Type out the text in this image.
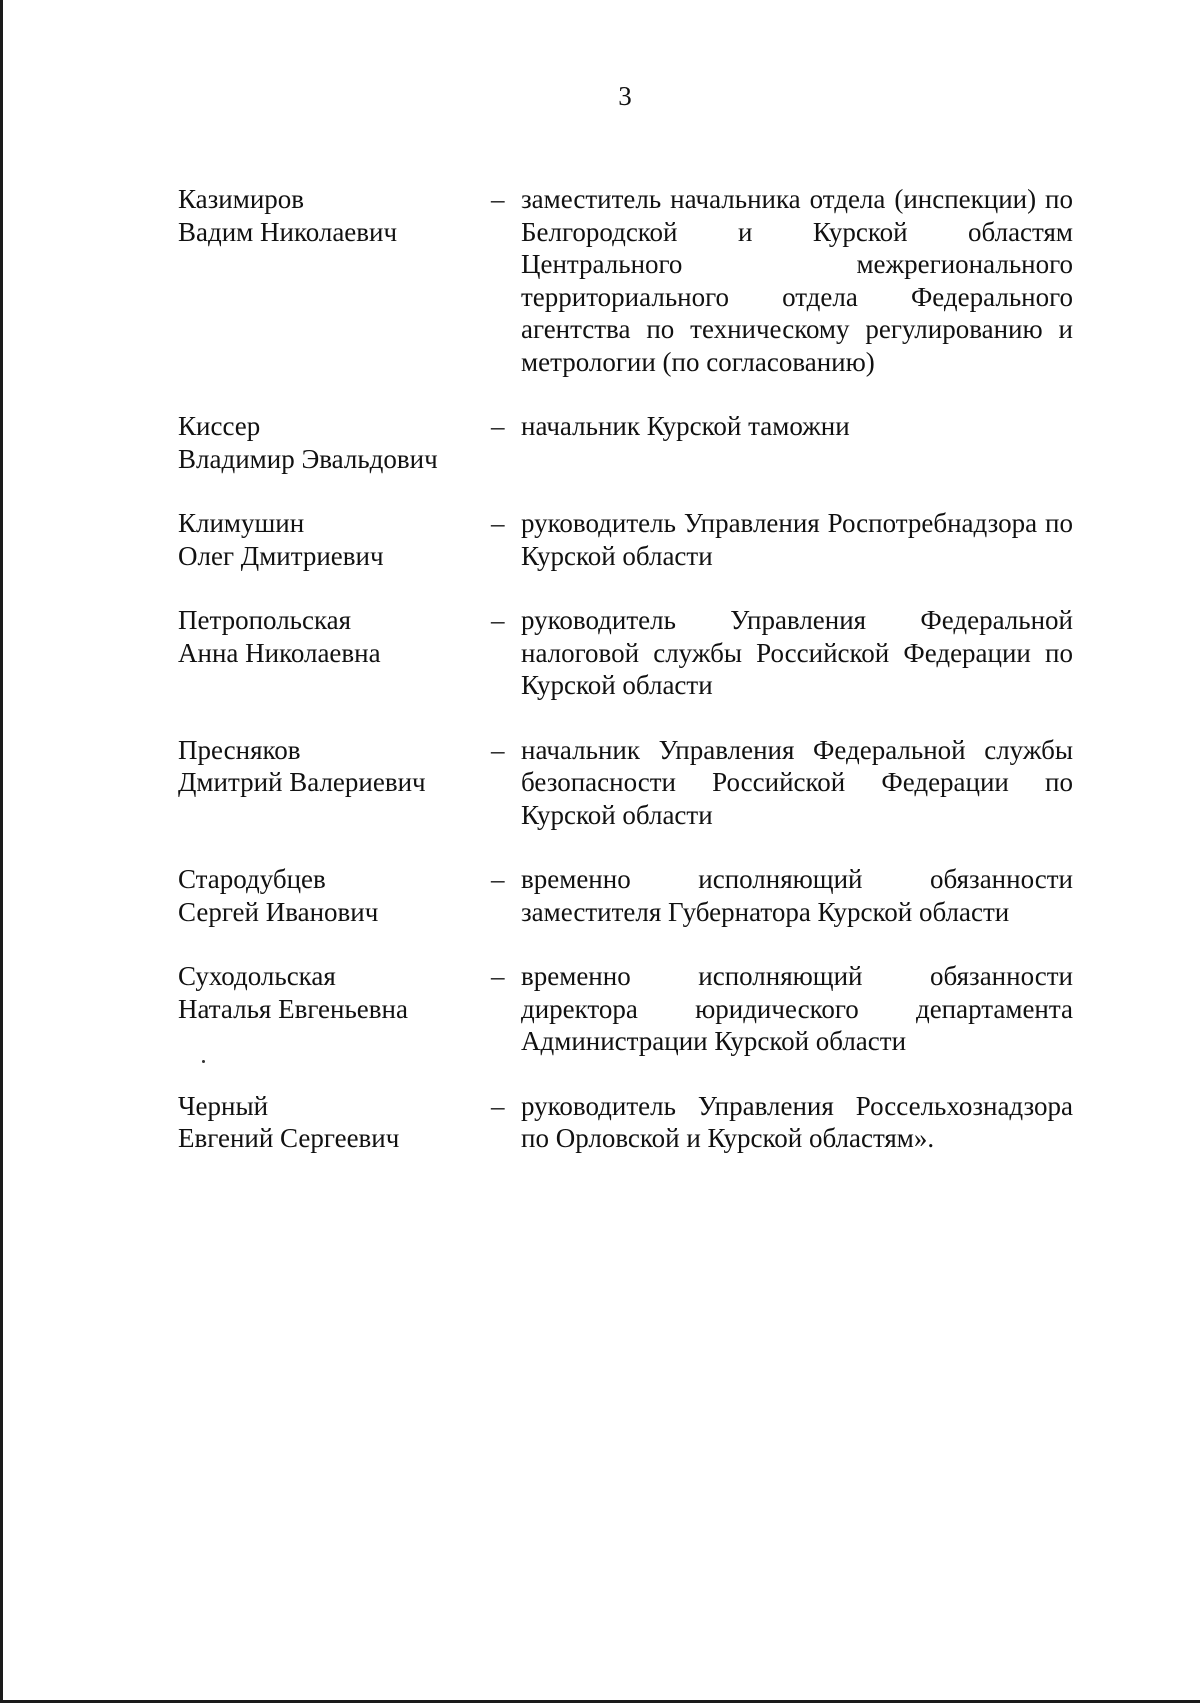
3
Казимиров
Вадим Николаевич
– заместитель начальника отдела (инспекции) по Белгородской и Курской областям Центрального межрегионального территориального отдела Федерального агентства по техническому регулированию и метрологии (по согласованию)
Киссер
Владимир Эвальдович
– начальник Курской таможни
Климушин
Олег Дмитриевич
– руководитель Управления Роспотребнадзора по Курской области
Петропольская
Анна Николаевна
– руководитель Управления Федеральной налоговой службы Российской Федерации по Курской области
Пресняков
Дмитрий Валериевич
– начальник Управления Федеральной службы безопасности Российской Федерации по Курской области
Стародубцев
Сергей Иванович
– временно исполняющий обязанности заместителя Губернатора Курской области
Суходольская
Наталья Евгеньевна
– временно исполняющий обязанности директора юридического департамента Администрации Курской области
Черный
Евгений Сергеевич
– руководитель Управления Россельхознадзора по Орловской и Курской областям».
